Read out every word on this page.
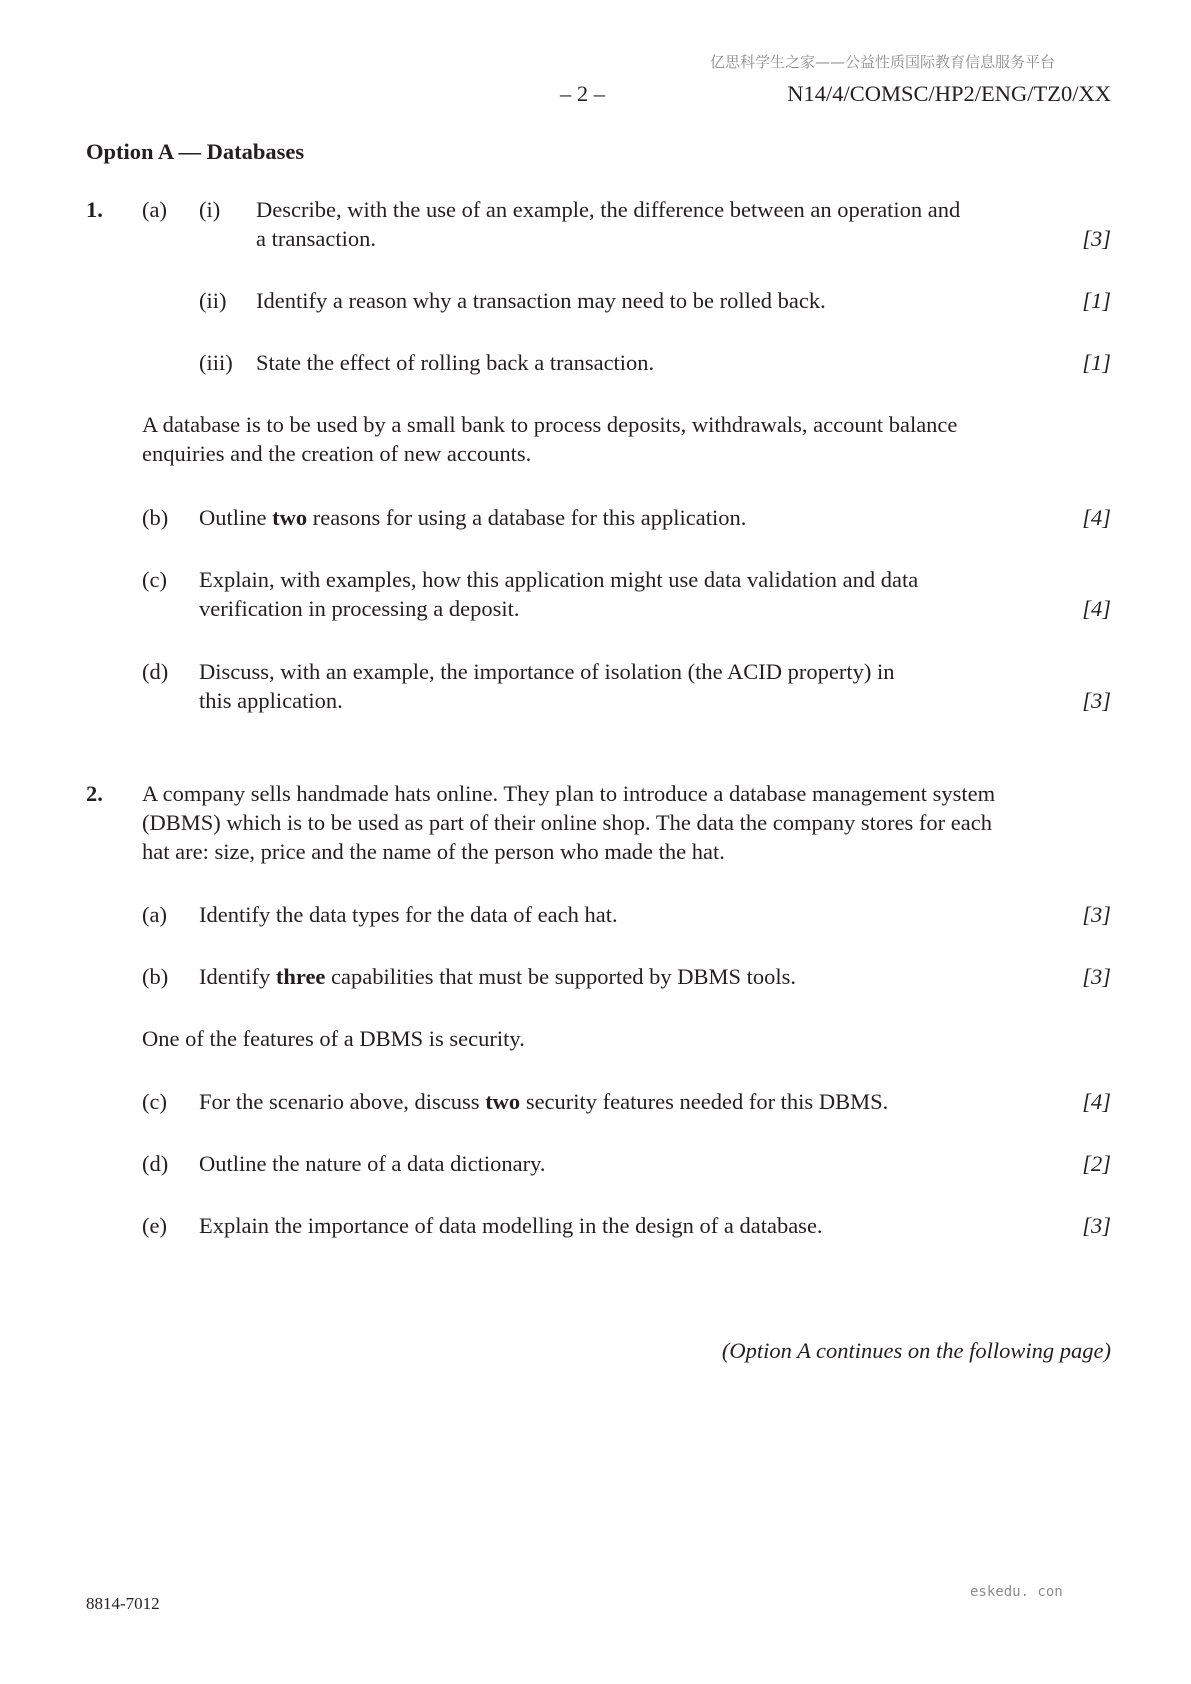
亿思科学生之家——公益性质国际教育信息服务平台
– 2 –	N14/4/COMSC/HP2/ENG/TZ0/XX
Option A — Databases
1. (a) (i) Describe, with the use of an example, the difference between an operation and
a transaction.	[3]
(ii) Identify a reason why a transaction may need to be rolled back.	[1]
(iii) State the effect of rolling back a transaction.	[1]
A database is to be used by a small bank to process deposits, withdrawals, account balance
enquiries and the creation of new accounts.
(b) Outline two reasons for using a database for this application.	[4]
(c) Explain, with examples, how this application might use data validation and data
verification in processing a deposit.	[4]
(d) Discuss, with an example, the importance of isolation (the ACID property) in
this application.	[3]
2. A company sells handmade hats online. They plan to introduce a database management system
(DBMS) which is to be used as part of their online shop. The data the company stores for each
hat are: size, price and the name of the person who made the hat.
(a) Identify the data types for the data of each hat.	[3]
(b) Identify three capabilities that must be supported by DBMS tools.	[3]
One of the features of a DBMS is security.
(c) For the scenario above, discuss two security features needed for this DBMS.	[4]
(d) Outline the nature of a data dictionary.	[2]
(e) Explain the importance of data modelling in the design of a database.	[3]
(Option A continues on the following page)
8814-7012
eskedu. con
